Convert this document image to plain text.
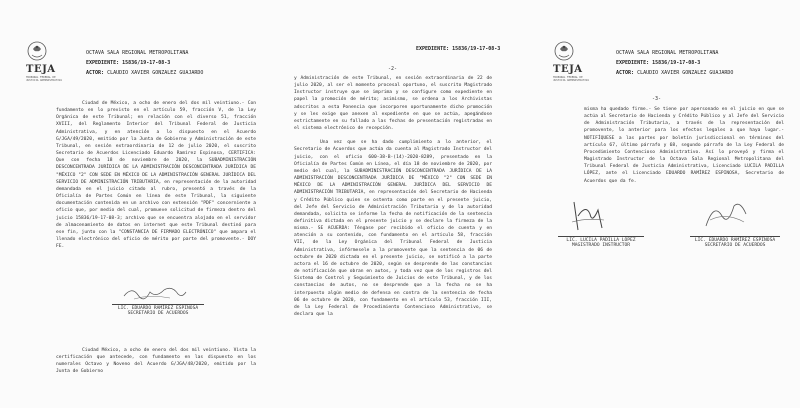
TEJA
TRIBUNAL FEDERAL DE JUSTICIA ADMINISTRATIVA
OCTAVA SALA REGIONAL METROPOLITANA
EXPEDIENTE: 15836/19-17-08-3
ACTOR: CLAUDIO XAVIER GONZALEZ GUAJARDO

Ciudad de México, a ocho de enero del dos mil veintiuno.- Con fundamento en lo previsto en el artículo 59, fracción V, de la Ley Orgánica de este Tribunal; en relación con el diverso 51, fracción XVIII, del Reglamento Interior del Tribunal Federal de Justicia Administrativa, y en atención a lo dispuesto en el Acuerdo G/JGA/49/2020, emitido por la Junta de Gobierno y Administración de este Tribunal, en sesión extraordinaria de 12 de julio 2020, el suscrito Secretario de Acuerdos Licenciado Eduardo Ramírez Espinosa, CERTIFICA: Que con fecha 18 de noviembre de 2020, la SUBADMINISTRACIÓN DESCONCENTRADA JURÍDICA DE LA ADMINISTRACIÓN DESCONCENTRADA JURÍDICA DE "MÉXICO "2" CON SEDE EN MÉXICO DE LA ADMINISTRACIÓN GENERAL JURÍDICA DEL SERVICIO DE ADMINISTRACIÓN TRIBUTARIA, en representación de la autoridad demandada en el juicio citado al rubro, presentó a través de la Oficialía de Partes Común en línea de este Tribunal, la siguiente documentación contenida en un archivo con extensión "PDF" concerniente a oficio que, por medio del cual, promueve solicitud de firmeza dentro del juicio 15836/19-17-08-3; archivo que se encuentra alojado en el servidor de almacenamiento de datos en internet que este Tribunal destinó para ese fin, junto con la "CONSTANCIA DE FIRMADO ELECTRÓNICO" que ampara el llenado electrónico del oficio de mérito por parte del promovente.- DOY FE.

LIC. EDUARDO RAMÍREZ ESPINOSA
SECRETARIO DE ACUERDOS

Ciudad México, a ocho de enero del dos mil veintiuno. Vista la certificación que antecede, con fundamento en las dispuesto en los numerales Octavo y Noveno del Acuerdo G/JGA/48/2020, emitido por la Junta de Gobierno

EXPEDIENTE: 15836/19-17-08-3
-2-

y Administración de este Tribunal, en sesión extraordinaria de 22 de julio 2020, al ser el momento procesal oportuno, el suscrito Magistrado Instructor instruye que se imprima y se configure como expediente en papel la promoción de mérito; asimismo, se ordena a los Archivistas adscritos a esta Ponencia que incorporen oportunamente dicho promoción y se les exige que anexen al expediente en que se actúa, apegándose estrictamente en su fallado a las fechas de presentación registradas en el sistema electrónico de recepción.

Una vez que se ha dado cumplimiento a lo anterior, el Secretario de Acuerdos que actúa da cuenta al Magistrado Instructor del juicio, con el oficio 600-38-B-(14)-2020-8289, presentado en la Oficialía de Partes Común en Línea, el día 18 de noviembre de 2020, por medio del cual, la SUBADMINISTRACIÓN DESCONCENTRADA JURÍDICA DE LA ADMINISTRACIÓN DESCONCENTRADA JURÍDICA DE "MÉXICO "2" CON SEDE EN MÉXICO DE LA ADMINISTRACIÓN GENERAL JURÍDICA DEL SERVICIO DE ADMINISTRACIÓN TRIBUTARIA, en representación del Secretario de Hacienda y Crédito Público quien se ostenta como parte en el presente juicio, del Jefe del Servicio de Administración Tributaria y de la autoridad demandada, solicita se informe la fecha de notificación de la sentencia definitiva dictada en el presente juicio y se declare la firmeza de la misma.- SE ACUERDA: Téngase por recibido el oficio de cuenta y en atención a su contenido, con fundamento en el artículo 58, fracción VII, de la Ley Orgánica del Tribunal Federal de Justicia Administrativa, infórmesele a la promovente que la sentencia de 06 de octubre de 2020 dictada en el presente juicio, se notificó a la parte actora el 16 de octubre de 2020, según se desprende de las constancias de notificación que obran en autos, y toda vez que de los registros del Sistema de Control y Seguimiento de Juicios de este Tribunal, y de los constancias de autos, no se desprende que a la fecha no se ha interpuesto algún medio de defensa en contra de la sentencia de fecha 06 de octubre de 2020, con fundamento en el artículo 53, fracción III, de la Ley Federal de Procedimiento Contencioso Administrativo, se declara que la

TEJA
TRIBUNAL FEDERAL DE JUSTICIA ADMINISTRATIVA
OCTAVA SALA REGIONAL METROPOLITANA
EXPEDIENTE: 15836/19-17-08-3
ACTOR: CLAUDIO XAVIER GONZALEZ GUAJARDO
-3-

misma ha quedado firme.- Se tiene por apersonado en el juicio en que se actúa al Secretario de Hacienda y Crédito Público y al Jefe del Servicio de Administración Tributaria, a través de la representación del promovente, lo anterior para los efectos legales a que haya lugar.- NOTIFÍQUESE a las partes por boletín jurisdiccional en términos del artículo 67, último párrafo y 68, segundo párrafo de la Ley Federal de Procedimiento Contencioso Administrativo. Así lo proveyó y firma el Magistrado Instructor de la Octava Sala Regional Metropolitana del Tribunal Federal de Justicia Administrativa, Licenciado LUCILA PADILLA LÓPEZ, ante el Licenciado EDUARDO RAMÍREZ ESPINOSA, Secretario de Acuerdos que da fe.

LIC. LUCILA PADILLA LÓPEZ
MAGISTRADO INSTRUCTOR
LIC. EDUARDO RAMÍREZ ESPINOSA
SECRETARIO DE ACUERDOS
